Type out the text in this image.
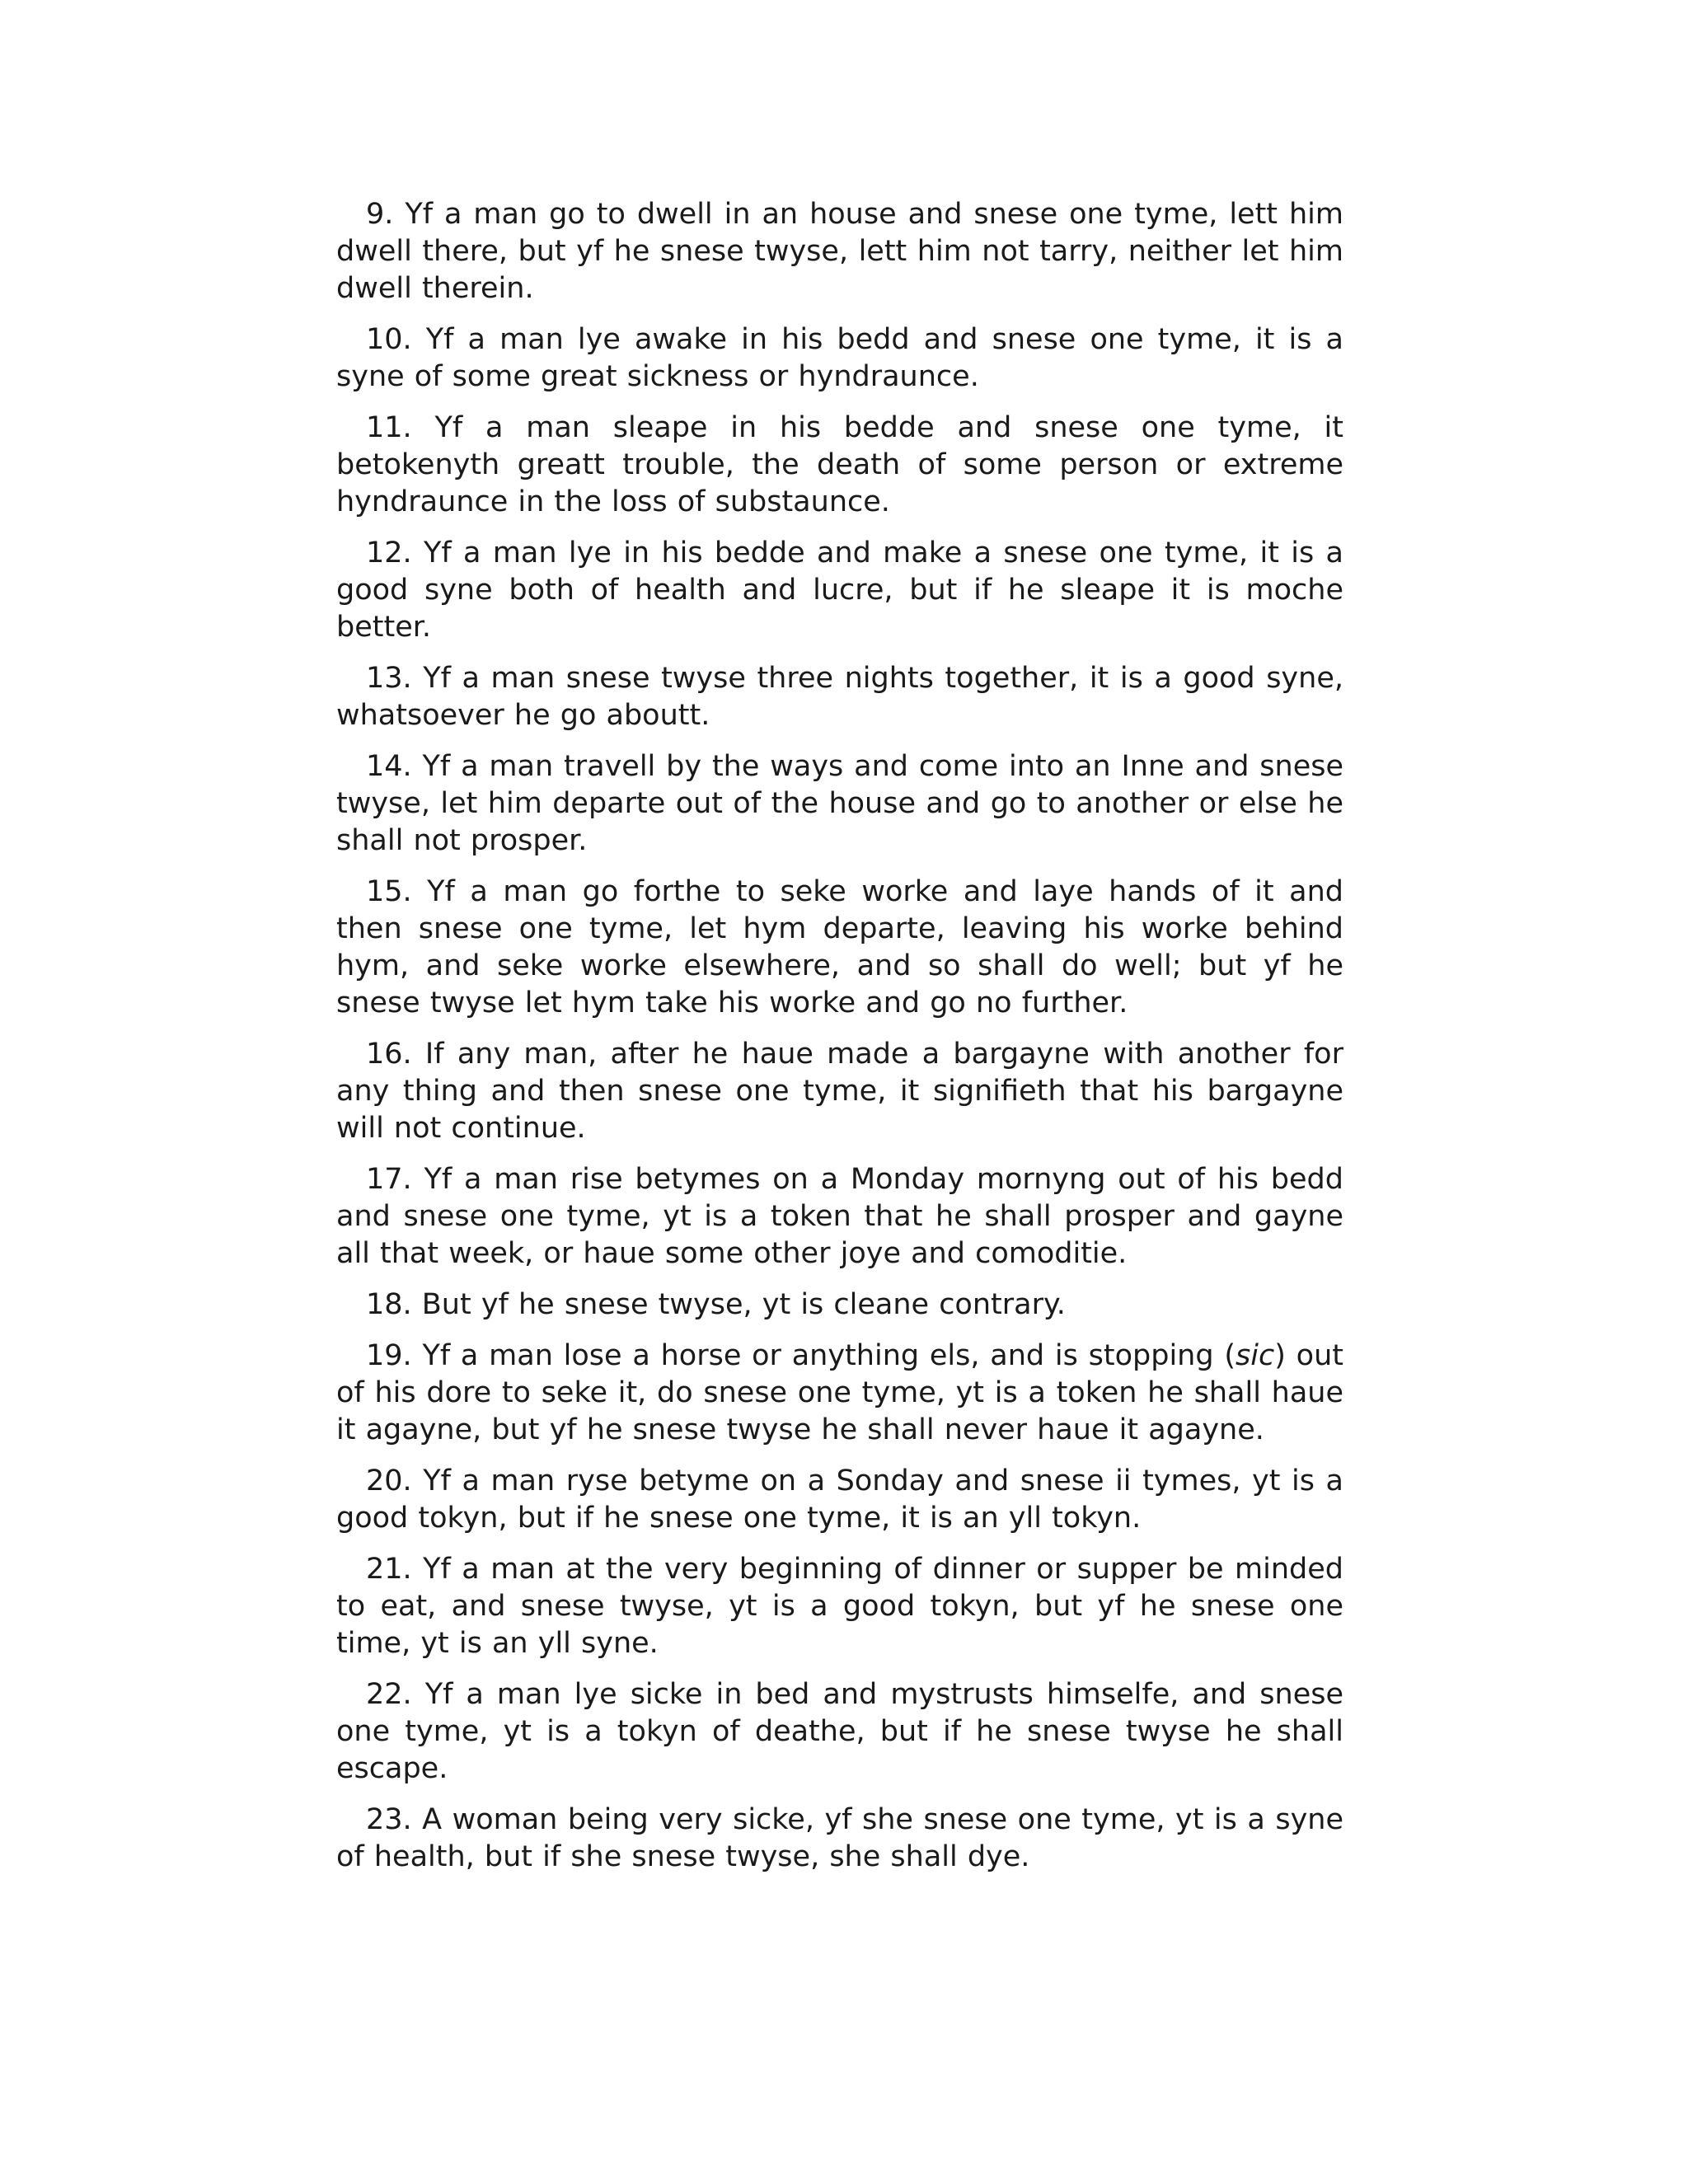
9. Yf a man go to dwell in an house and snese one tyme, lett him dwell there, but yf he snese twyse, lett him not tarry, neither let him dwell therein.

10. Yf a man lye awake in his bedd and snese one tyme, it is a syne of some great sickness or hyndraunce.

11. Yf a man sleape in his bedde and snese one tyme, it betokenyth greatt trouble, the death of some person or extreme hyndraunce in the loss of substaunce.

12. Yf a man lye in his bedde and make a snese one tyme, it is a good syne both of health and lucre, but if he sleape it is moche better.

13. Yf a man snese twyse three nights together, it is a good syne, whatsoever he go aboutt.

14. Yf a man travell by the ways and come into an Inne and snese twyse, let him departe out of the house and go to another or else he shall not prosper.

15. Yf a man go forthe to seke worke and laye hands of it and then snese one tyme, let hym departe, leaving his worke behind hym, and seke worke elsewhere, and so shall do well; but yf he snese twyse let hym take his worke and go no further.

16. If any man, after he haue made a bargayne with another for any thing and then snese one tyme, it signifieth that his bargayne will not continue.

17. Yf a man rise betymes on a Monday mornyng out of his bedd and snese one tyme, yt is a token that he shall prosper and gayne all that week, or haue some other joye and comoditie.

18. But yf he snese twyse, yt is cleane contrary.

19. Yf a man lose a horse or anything els, and is stopping (sic) out of his dore to seke it, do snese one tyme, yt is a token he shall haue it agayne, but yf he snese twyse he shall never haue it agayne.

20. Yf a man ryse betyme on a Sonday and snese ii tymes, yt is a good tokyn, but if he snese one tyme, it is an yll tokyn.

21. Yf a man at the very beginning of dinner or supper be minded to eat, and snese twyse, yt is a good tokyn, but yf he snese one time, yt is an yll syne.

22. Yf a man lye sicke in bed and mystrusts himselfe, and snese one tyme, yt is a tokyn of deathe, but if he snese twyse he shall escape.

23. A woman being very sicke, yf she snese one tyme, yt is a syne of health, but if she snese twyse, she shall dye.
